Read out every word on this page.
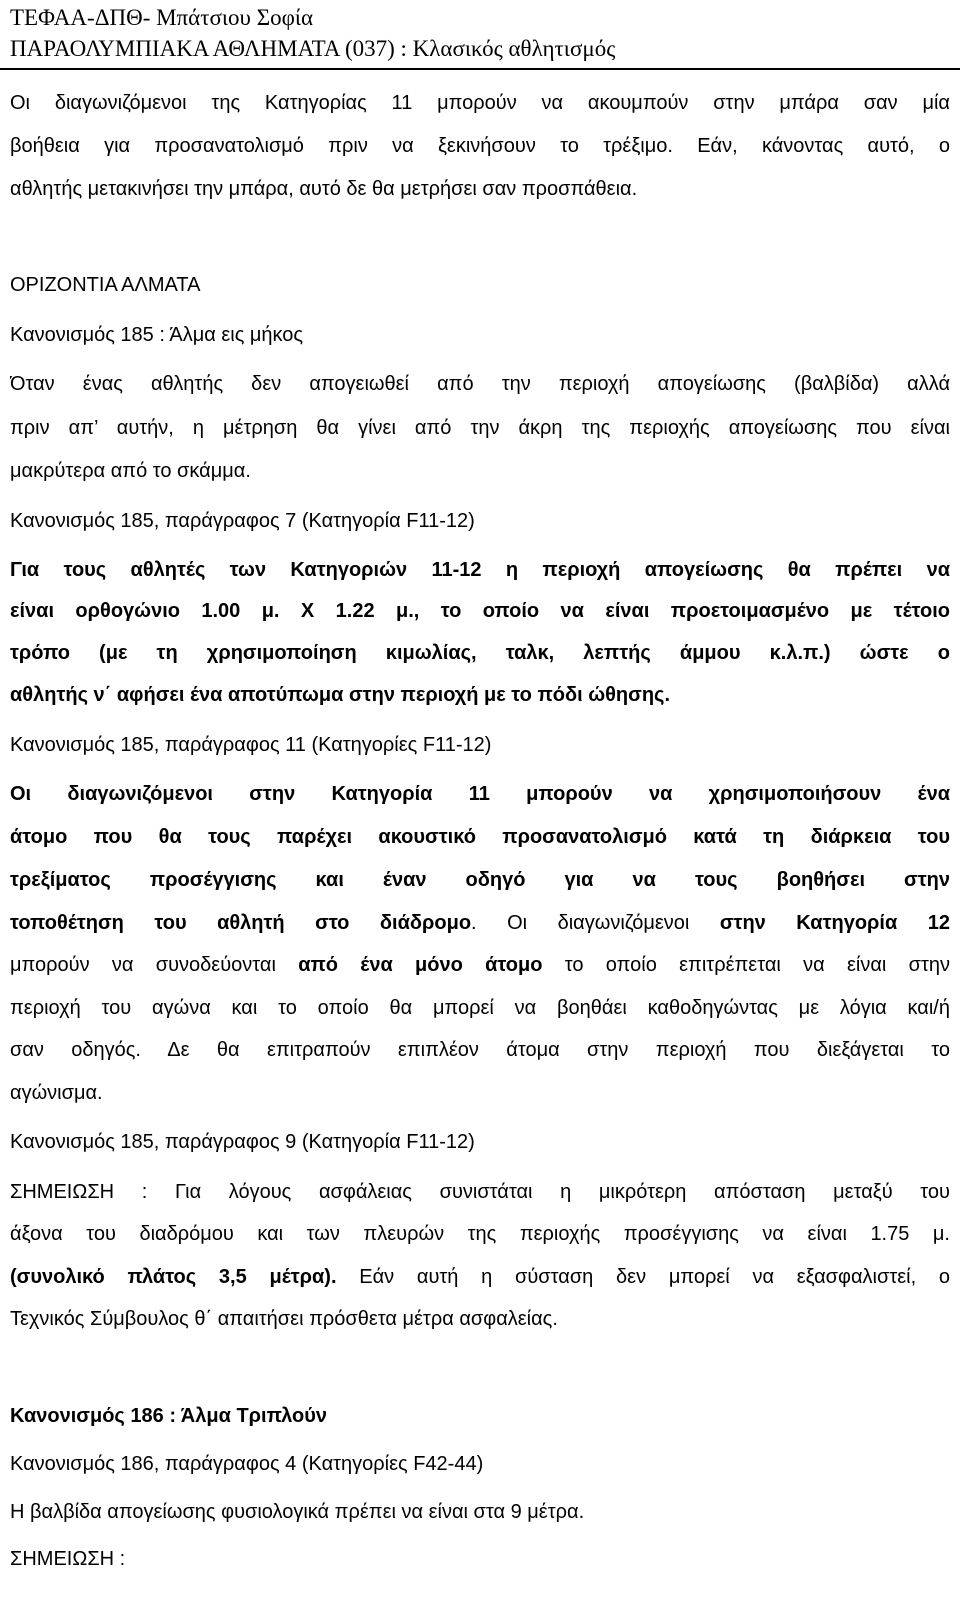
ΤΕΦΑΑ-ΔΠΘ- Μπάτσιου Σοφία
ΠΑΡΑΟΛΥΜΠΙΑΚΑ ΑΘΛΗΜΑΤΑ (037) : Κλασικός αθλητισμός
Οι διαγωνιζόμενοι της Κατηγορίας 11 μπορούν να ακουμπούν στην μπάρα σαν μία
βοήθεια για προσανατολισμό πριν να ξεκινήσουν το τρέξιμο. Εάν, κάνοντας αυτό, ο
αθλητής μετακινήσει την μπάρα, αυτό δε θα μετρήσει σαν προσπάθεια.
ΟΡΙΖΟΝΤΙΑ ΑΛΜΑΤΑ
Κανονισμός 185 : Άλμα εις μήκος
Όταν ένας αθλητής δεν απογειωθεί από την περιοχή απογείωσης (βαλβίδα) αλλά
πριν απ’ αυτήν, η μέτρηση θα γίνει από την άκρη της περιοχής απογείωσης που είναι
μακρύτερα από το σκάμμα.
Κανονισμός 185, παράγραφος 7 (Κατηγορία F11-12)
Για τους αθλητές των Κατηγοριών 11-12 η περιοχή απογείωσης θα πρέπει να
είναι ορθογώνιο 1.00 μ. Χ 1.22 μ., το οποίο να είναι προετοιμασμένο με τέτοιο
τρόπο (με τη χρησιμοποίηση κιμωλίας, ταλκ, λεπτής άμμου κ.λ.π.) ώστε ο
αθλητής ν΄ αφήσει ένα αποτύπωμα στην περιοχή με το πόδι ώθησης.
Κανονισμός 185, παράγραφος 11 (Κατηγορίες F11-12)
Οι διαγωνιζόμενοι στην Κατηγορία 11 μπορούν να χρησιμοποιήσουν ένα
άτομο που θα τους παρέχει ακουστικό προσανατολισμό κατά τη διάρκεια του
τρεξίματος προσέγγισης και έναν οδηγό για να τους βοηθήσει στην
τοποθέτηση του αθλητή στο διάδρομο. Οι διαγωνιζόμενοι στην Κατηγορία 12
μπορούν να συνοδεύονται από ένα μόνο άτομο το οποίο επιτρέπεται να είναι στην
περιοχή του αγώνα και το οποίο θα μπορεί να βοηθάει καθοδηγώντας με λόγια και/ή
σαν οδηγός. Δε θα επιτραπούν επιπλέον άτομα στην περιοχή που διεξάγεται το
αγώνισμα.
Κανονισμός 185, παράγραφος 9 (Κατηγορία F11-12)
ΣΗΜΕΙΩΣΗ : Για λόγους ασφάλειας συνιστάται η μικρότερη απόσταση μεταξύ του
άξονα του διαδρόμου και των πλευρών της περιοχής προσέγγισης να είναι 1.75 μ.
(συνολικό πλάτος 3,5 μέτρα). Εάν αυτή η σύσταση δεν μπορεί να εξασφαλιστεί, ο
Τεχνικός Σύμβουλος θ΄ απαιτήσει πρόσθετα μέτρα ασφαλείας.
Κανονισμός 186 : Άλμα Τριπλούν
Κανονισμός 186, παράγραφος 4 (Κατηγορίες F42-44)
Η βαλβίδα απογείωσης φυσιολογικά πρέπει να είναι στα 9 μέτρα.
ΣΗΜΕΙΩΣΗ :
